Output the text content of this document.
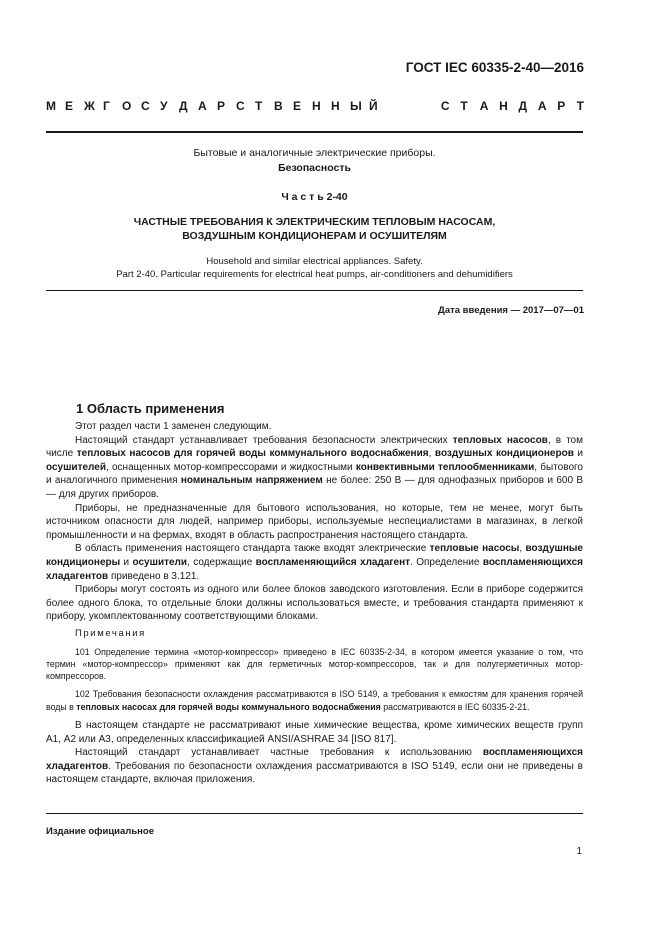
ГОСТ IEC 60335-2-40—2016
М Е Ж Г	О С У Д А Р С Т В Е Н Н Ы Й	С Т	А Н Д А Р Т
Бытовые и аналогичные электрические приборы.
Безопасность
Ч а с т ь 2-40
ЧАСТНЫЕ ТРЕБОВАНИЯ К ЭЛЕКТРИЧЕСКИМ ТЕПЛОВЫМ НАСОСАМ,
ВОЗДУШНЫМ КОНДИЦИОНЕРАМ И ОСУШИТЕЛЯМ
Household and similar electrical appliances. Safety.
Part 2-40. Particular requirements for electrical heat pumps, air-conditioners and dehumidifiers
Дата введения — 2017—07—01
1 Область применения

Этот раздел части 1 заменен следующим.

Настоящий стандарт устанавливает требования безопасности электрических тепловых насосов, в том числе тепловых насосов для горячей воды коммунального водоснабжения, воздушных кондиционеров и осушителей, оснащенных мотор-компрессорами и жидкостными конвективными теплообменниками, бытового и аналогичного применения номинальным напряжением не более: 250 В — для однофазных приборов и 600 В — для других приборов.

Приборы, не предназначенные для бытового использования, но которые, тем не менее, могут быть источником опасности для людей, например приборы, используемые неспециалистами в магазинах, в легкой промышленности и на фермах, входят в область распространения настоящего стандарта.

В область применения настоящего стандарта также входят электрические тепловые насосы, воздушные кондиционеры и осушители, содержащие воспламеняющийся хладагент. Определение воспламеняющихся хладагентов приведено в 3.121.

Приборы могут состоять из одного или более блоков заводского изготовления. Если в приборе содержится более одного блока, то отдельные блоки должны использоваться вместе, и требования стандарта применяют к прибору, укомплектованному соответствующими блоками.

Примечания

101 Определение термина «мотор-компрессор» приведено в IEC 60335-2-34, в котором имеется указание о том, что термин «мотор-компрессор» применяют как для герметичных мотор-компрессоров, так и для полугерметичных мотор-компрессоров.

102 Требования безопасности охлаждения рассматриваются в ISO 5149, а требования к емкостям для хранения горячей воды в тепловых насосах для горячей воды коммунального водоснабжения рассматриваются в IEC 60335-2-21.

В настоящем стандарте не рассматривают иные химические вещества, кроме химических веществ групп А1, А2 или А3, определенных классификацией ANSI/ASHRAE 34 [ISO 817].

Настоящий стандарт устанавливает частные требования к использованию воспламеняющихся хладагентов. Требования по безопасности охлаждения рассматриваются в ISO 5149, если они не приведены в настоящем стандарте, включая приложения.

Издание официальное
1
